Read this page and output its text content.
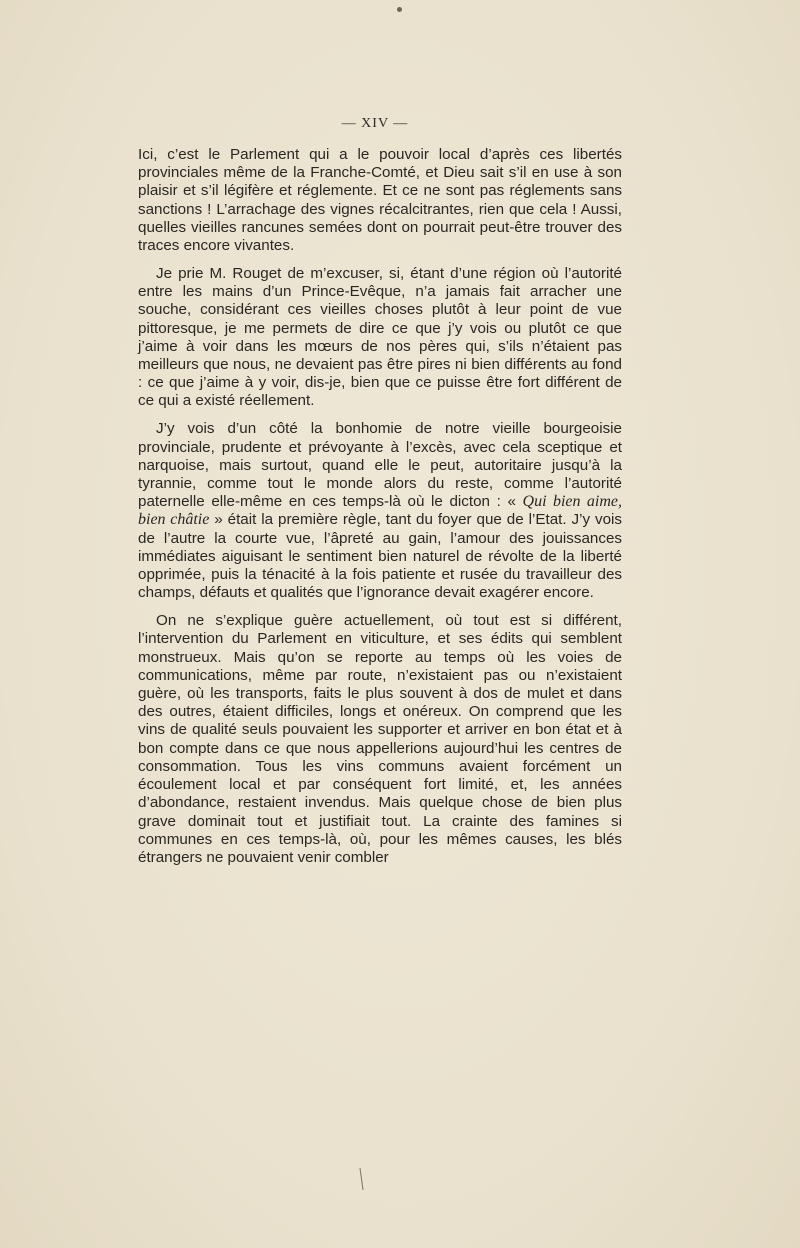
— XIV —

Ici, c’est le Parlement qui a le pouvoir local d’après ces libertés provinciales même de la Franche-Comté, et Dieu sait s’il en use à son plaisir et s’il légifère et réglemente. Et ce ne sont pas réglements sans sanctions ! L’arrachage des vignes récalcitrantes, rien que cela ! Aussi, quelles vieilles rancunes semées dont on pourrait peut-être trouver des traces encore vivantes.

Je prie M. Rouget de m’excuser, si, étant d’une région où l’autorité entre les mains d’un Prince-Evêque, n’a jamais fait arracher une souche, considérant ces vieilles choses plutôt à leur point de vue pittoresque, je me permets de dire ce que j’y vois ou plutôt ce que j’aime à voir dans les mœurs de nos pères qui, s’ils n’étaient pas meilleurs que nous, ne devaient pas être pires ni bien différents au fond : ce que j’aime à y voir, dis-je, bien que ce puisse être fort différent de ce qui a existé réellement.

J’y vois d’un côté la bonhomie de notre vieille bourgeoisie provinciale, prudente et prévoyante à l’excès, avec cela sceptique et narquoise, mais surtout, quand elle le peut, autoritaire jusqu’à la tyrannie, comme tout le monde alors du reste, comme l’autorité paternelle elle-même en ces temps-là où le dicton : « Qui bien aime, bien châtie » était la première règle, tant du foyer que de l’Etat. J’y vois de l’autre la courte vue, l’âpreté au gain, l’amour des jouissances immédiates aiguisant le sentiment bien naturel de révolte de la liberté opprimée, puis la ténacité à la fois patiente et rusée du travailleur des champs, défauts et qualités que l’ignorance devait exagérer encore.

On ne s’explique guère actuellement, où tout est si différent, l’intervention du Parlement en viticulture, et ses édits qui semblent monstrueux. Mais qu’on se reporte au temps où les voies de communications, même par route, n’existaient pas ou n’existaient guère, où les transports, faits le plus souvent à dos de mulet et dans des outres, étaient difficiles, longs et onéreux. On comprend que les vins de qualité seuls pouvaient les supporter et arriver en bon état et à bon compte dans ce que nous appellerions aujourd’hui les centres de consommation. Tous les vins communs avaient forcément un écoulement local et par conséquent fort limité, et, les années d’abondance, restaient invendus. Mais quelque chose de bien plus grave dominait tout et justifiait tout. La crainte des famines si communes en ces temps-là, où, pour les mêmes causes, les blés étrangers ne pouvaient venir combler
